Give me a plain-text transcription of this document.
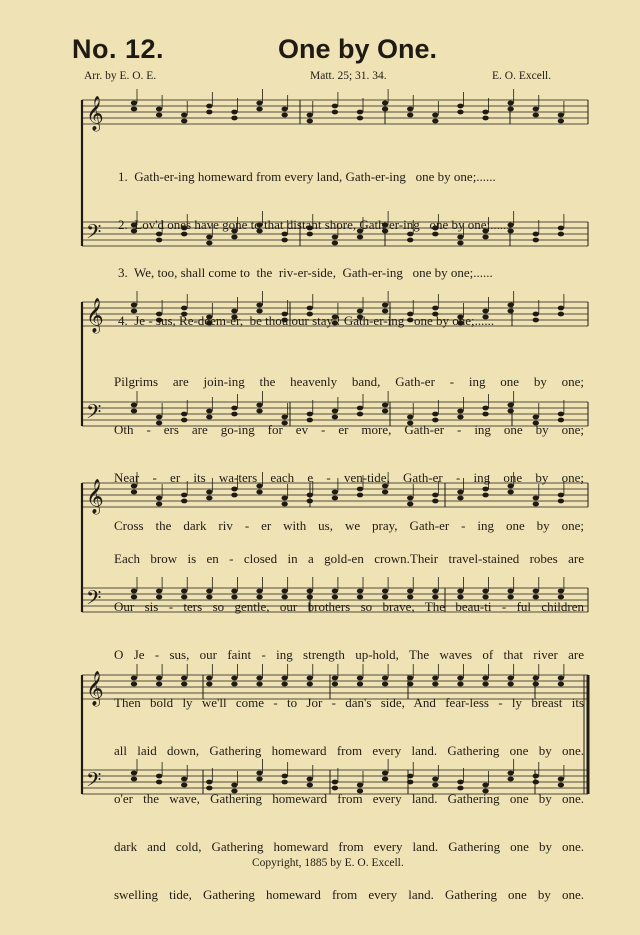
𝄞
𝄢
𝄞
𝄢
𝄞
𝄢
𝄞
𝄢
No. 12.	One by One.
Arr. by E. O. E.	Matt. 25; 31. 34.	E. O. Excell.

1.  Gath-er-ing homeward from every land, Gath-er-ing   one by one;......

2.  Lov'd ones have gone to that distant shore, Gath-er-ing   one by one;......

3.  We, too, shall come to  the  riv-er-side,  Gath-er-ing   one by one;......

4.  Je - sus, Re-deem-er,  be thou our stay ! Gath-er-ing   one by one;......

Pilgrims are join-ing the heavenly band, Gath-er - ing one by one;

Oth - ers are go-ing for ev - er more, Gath-er - ing one by one;

Near - er its wa-ters each e - ven-tide, Gath-er - ing one by one;

Cross the dark riv - er with us, we pray, Gath-er - ing one by one;

Each brow is en - closed in a gold-en crown.Their travel-stained robes are

Our sis - ters so gentle, our brothers so brave, The beau-ti - ful children

O Je - sus, our faint - ing strength up-hold, The waves of that river are

Then bold ly we'll come - to Jor - dan's side, And fear-less - ly breast its

all laid down, Gathering homeward from every land. Gathering one by one.

o'er the wave, Gathering homeward from every land. Gathering one by one.

dark and cold, Gathering homeward from every land. Gathering one by one.

swelling tide, Gathering homeward from every land. Gathering one by one.

Copyright, 1885 by E. O. Excell.
